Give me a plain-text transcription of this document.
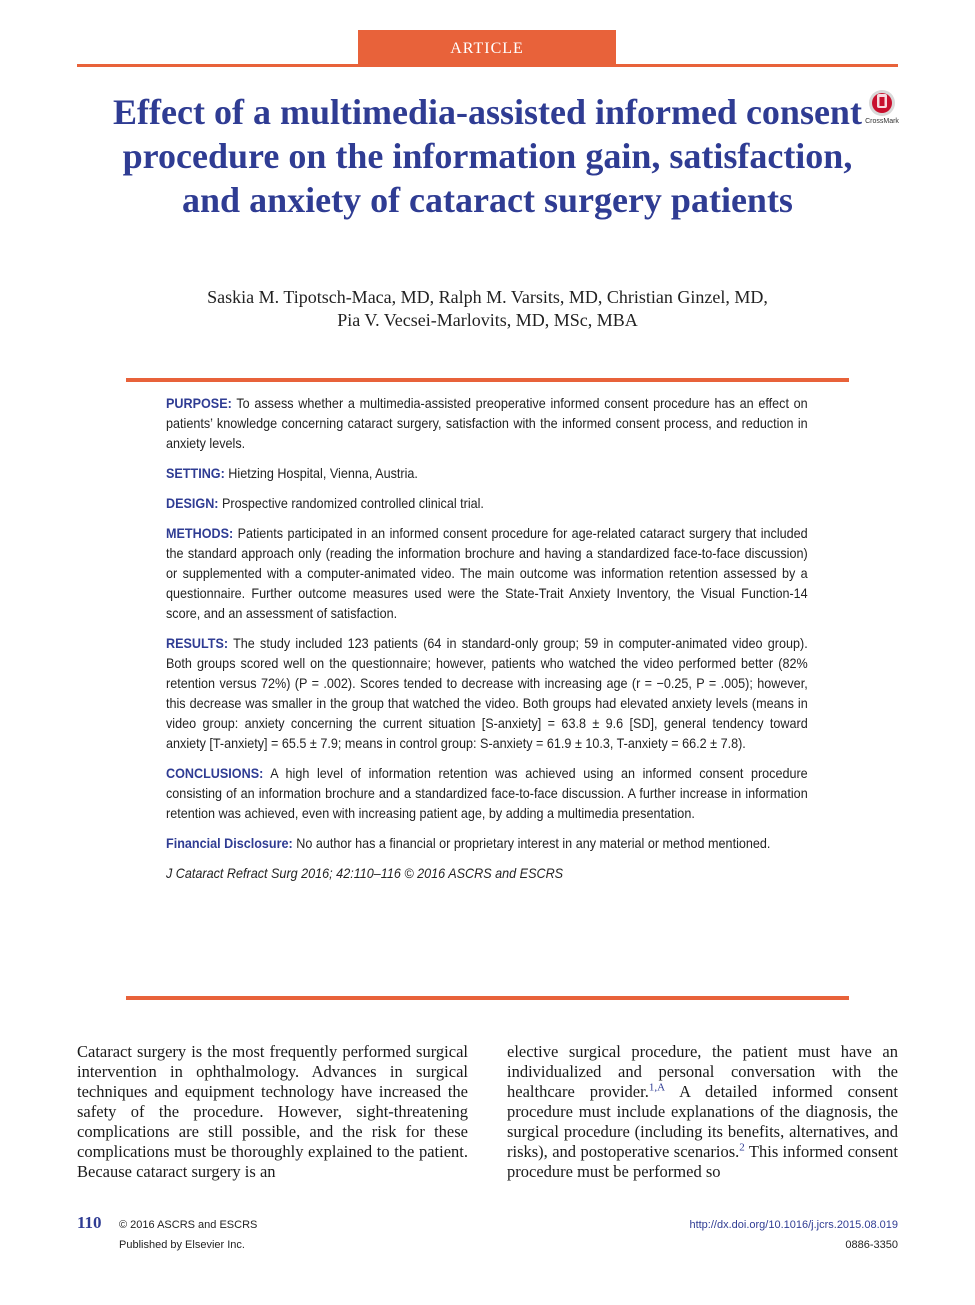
ARTICLE
Effect of a multimedia-assisted informed consent procedure on the information gain, satisfaction, and anxiety of cataract surgery patients
CrossMark
Saskia M. Tipotsch-Maca, MD, Ralph M. Varsits, MD, Christian Ginzel, MD,
Pia V. Vecsei-Marlovits, MD, MSc, MBA

PURPOSE: To assess whether a multimedia-assisted preoperative informed consent procedure has an effect on patients’ knowledge concerning cataract surgery, satisfaction with the informed consent process, and reduction in anxiety levels.

SETTING: Hietzing Hospital, Vienna, Austria.

DESIGN: Prospective randomized controlled clinical trial.

METHODS: Patients participated in an informed consent procedure for age-related cataract surgery that included the standard approach only (reading the information brochure and having a standardized face-to-face discussion) or supplemented with a computer-animated video. The main outcome was information retention assessed by a questionnaire. Further outcome measures used were the State-Trait Anxiety Inventory, the Visual Function-14 score, and an assessment of satisfaction.

RESULTS: The study included 123 patients (64 in standard-only group; 59 in computer-animated video group). Both groups scored well on the questionnaire; however, patients who watched the video performed better (82% retention versus 72%) (P = .002). Scores tended to decrease with increasing age (r = −0.25, P = .005); however, this decrease was smaller in the group that watched the video. Both groups had elevated anxiety levels (means in video group: anxiety concerning the current situation [S-anxiety] = 63.8 ± 9.6 [SD], general tendency toward anxiety [T-anxiety] = 65.5 ± 7.9; means in control group: S-anxiety = 61.9 ± 10.3, T-anxiety = 66.2 ± 7.8).

CONCLUSIONS: A high level of information retention was achieved using an informed consent procedure consisting of an information brochure and a standardized face-to-face discussion. A further increase in information retention was achieved, even with increasing patient age, by adding a multimedia presentation.

Financial Disclosure: No author has a financial or proprietary interest in any material or method mentioned.

J Cataract Refract Surg 2016; 42:110–116 © 2016 ASCRS and ESCRS

Cataract surgery is the most frequently performed surgical intervention in ophthalmology. Advances in surgical techniques and equipment technology have increased the safety of the procedure. However, sight-threatening complications are still possible, and the risk for these complications must be thoroughly explained to the patient. Because cataract surgery is an

elective surgical procedure, the patient must have an individualized and personal conversation with the healthcare provider.$^{1,A}$ A detailed informed consent procedure must include explanations of the diagnosis, the surgical procedure (including its benefits, alternatives, and risks), and postoperative scenarios.$^2$ This informed consent procedure must be performed so

110 © 2016 ASCRS and ESCRS
Published by Elsevier Inc.
http://dx.doi.org/10.1016/j.jcrs.2015.08.019
0886-3350
